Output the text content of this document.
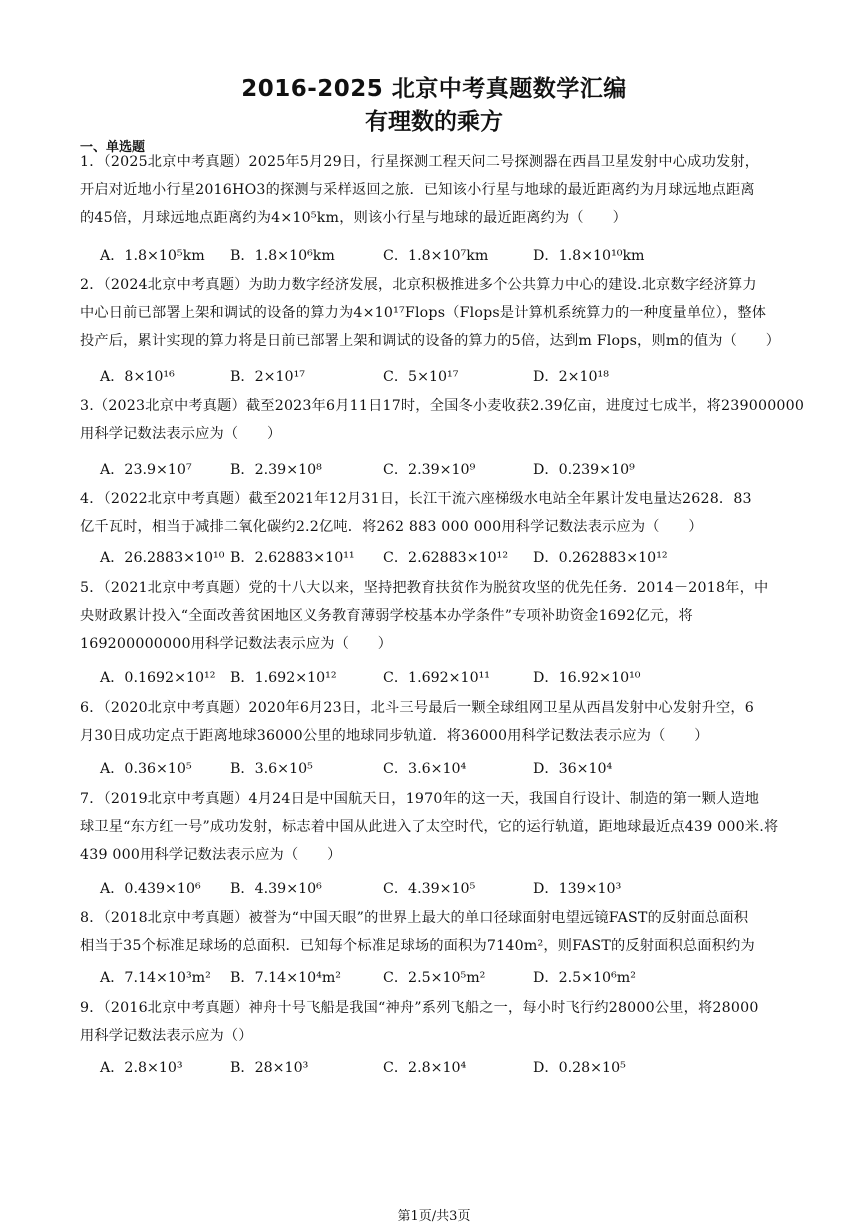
2016-2025 北京中考真题数学汇编
有理数的乘方
一、单选题
1．（2025北京中考真题）2025年5月29日，行星探测工程天问二号探测器在西昌卫星发射中心成功发射，
开启对近地小行星2016HO3的探测与采样返回之旅．已知该小行星与地球的最近距离约为月球远地点距离
的45倍，月球远地点距离约为4×10⁵km，则该小行星与地球的最近距离约为（　　）
A．1.8×10⁵km B．1.8×10⁶km	C．1.8×10⁷km	D．1.8×10¹⁰km
2．（2024北京中考真题）为助力数字经济发展，北京积极推进多个公共算力中心的建设.北京数字经济算力
中心日前已部署上架和调试的设备的算力为4×10¹⁷Flops（Flops是计算机系统算力的一种度量单位），整体
投产后，累计实现的算力将是日前已部署上架和调试的设备的算力的5倍，达到m Flops，则m的值为（　　）
A．8×10¹⁶	B．2×10¹⁷	C．5×10¹⁷	D．2×10¹⁸
3.（2023北京中考真题）截至2023年6月11日17时，全国冬小麦收获2.39亿亩，进度过七成半，将239000000
用科学记数法表示应为（　　）
A．23.9×10⁷	B．2.39×10⁸	C．2.39×10⁹	D．0.239×10⁹
4．（2022北京中考真题）截至2021年12月31日，长江干流六座梯级水电站全年累计发电量达2628．83
亿千瓦时，相当于减排二氧化碳约2.2亿吨．将262 883 000 000用科学记数法表示应为（　　）
A．26.2883×10¹⁰ B．2.62883×10¹¹ C．2.62883×10¹² D．0.262883×10¹²
5．（2021北京中考真题）党的十八大以来，坚持把教育扶贫作为脱贫攻坚的优先任务．2014－2018年，中
央财政累计投入“全面改善贫困地区义务教育薄弱学校基本办学条件”专项补助资金1692亿元，将
169200000000用科学记数法表示应为（　　）
A．0.1692×10¹² B．1.692×10¹²	C．1.692×10¹¹	D．16.92×10¹⁰
6．（2020北京中考真题）2020年6月23日，北斗三号最后一颗全球组网卫星从西昌发射中心发射升空，6
月30日成功定点于距离地球36000公里的地球同步轨道．将36000用科学记数法表示应为（　　）
A．0.36×10⁵	B．3.6×10⁵	C．3.6×10⁴	D．36×10⁴
7．（2019北京中考真题）4月24日是中国航天日，1970年的这一天，我国自行设计、制造的第一颗人造地
球卫星“东方红一号”成功发射，标志着中国从此进入了太空时代，它的运行轨道，距地球最近点439 000米.将
439 000用科学记数法表示应为（　　）
A．0.439×10⁶ B．4.39×10⁶	C．4.39×10⁵	D．139×10³
8．（2018北京中考真题）被誉为“中国天眼”的世界上最大的单口径球面射电望远镜FAST的反射面总面积
相当于35个标准足球场的总面积．已知每个标准足球场的面积为7140m²，则FAST的反射面积总面积约为
A．7.14×10³m² B．7.14×10⁴m²	C．2.5×10⁵m²	D．2.5×10⁶m²
9．（2016北京中考真题）神舟十号飞船是我国“神舟”系列飞船之一，每小时飞行约28000公里，将28000
用科学记数法表示应为（）
A．2.8×10³	B．28×10³	C．2.8×10⁴	D．0.28×10⁵
第1页/共3页
